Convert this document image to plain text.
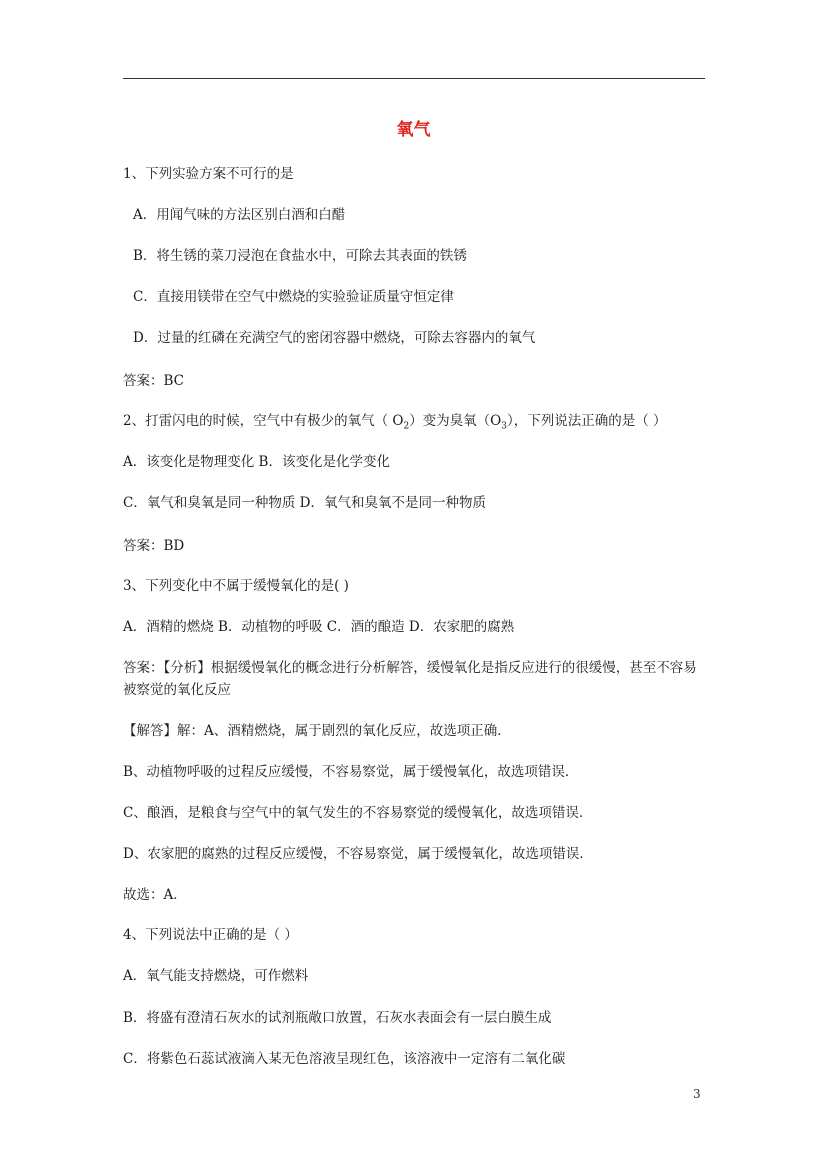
氧气
1、下列实验方案不可行的是
A．用闻气味的方法区别白酒和白醋
B．将生锈的菜刀浸泡在食盐水中，可除去其表面的铁锈
C．直接用镁带在空气中燃烧的实验验证质量守恒定律
D．过量的红磷在充满空气的密闭容器中燃烧，可除去容器内的氧气
答案：BC
2、打雷闪电的时候，空气中有极少的氧气（ $O_2$）变为臭氧$(O_3)$，下列说法正确的是（ ）
A．该变化是物理变化 B．该变化是化学变化
C．氧气和臭氧是同一种物质 D．氧气和臭氧不是同一种物质
答案：BD
3、下列变化中不属于缓慢氧化的是( )
A．酒精的燃烧 B．动植物的呼吸 C．酒的酿造 D．农家肥的腐熟
答案：【分析】根据缓慢氧化的概念进行分析解答，缓慢氧化是指反应进行的很缓慢，甚至不容易被察觉的氧化反应
【解答】解：A、酒精燃烧，属于剧烈的氧化反应，故选项正确．
B、动植物呼吸的过程反应缓慢，不容易察觉，属于缓慢氧化，故选项错误．
C、酿酒，是粮食与空气中的氧气发生的不容易察觉的缓慢氧化，故选项错误．
D、农家肥的腐熟的过程反应缓慢，不容易察觉，属于缓慢氧化，故选项错误．
故选：A．
4、下列说法中正确的是（ ）
A．氧气能支持燃烧，可作燃料
B．将盛有澄清石灰水的试剂瓶敞口放置，石灰水表面会有一层白膜生成
C．将紫色石蕊试液滴入某无色溶液呈现红色，该溶液中一定溶有二氧化碳
3
